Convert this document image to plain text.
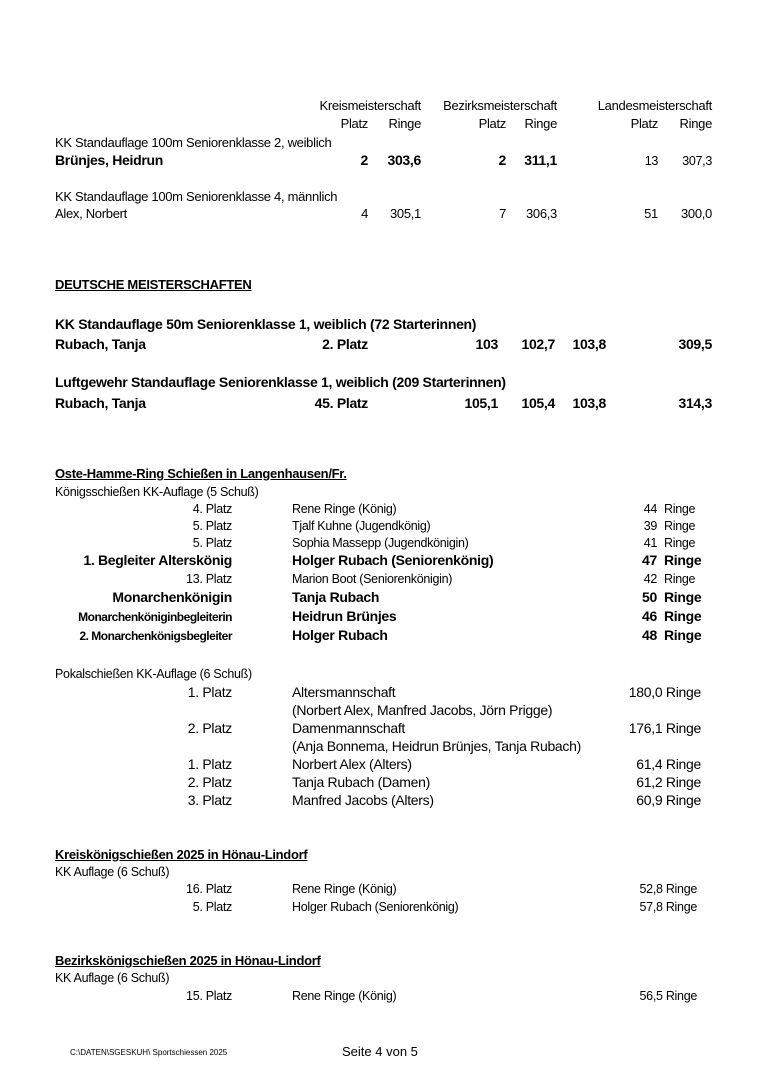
Kreismeisterschaft Bezirksmeisterschaft	Landesmeisterschaft
Platz Ringe	Platz Ringe	Platz Ringe
KK Standauflage 100m Seniorenklasse 2, weiblich
Brünjes, Heidrun	2 303,6	2 311,1	13 307,3
KK Standauflage 100m Seniorenklasse 4, männlich
Alex, Norbert	4 305,1	7 306,3	51 300,0
DEUTSCHE MEISTERSCHAFTEN
KK Standauflage 50m Seniorenklasse 1, weiblich (72 Starterinnen)
Rubach, Tanja	2. Platz	103 102,7 103,8	309,5
Luftgewehr Standauflage Seniorenklasse 1, weiblich (209 Starterinnen)
Rubach, Tanja	45. Platz	105,1 105,4 103,8	314,3
Oste-Hamme-Ring Schießen in Langenhausen/Fr.
Königsschießen KK-Auflage (5 Schuß)
4. Platz	Rene Ringe (König)	44 Ringe
5. Platz	Tjalf Kuhne (Jugendkönig)	39 Ringe
5. Platz	Sophia Massepp (Jugendkönigin)	41 Ringe
1. Begleiter Alterskönig	Holger Rubach (Seniorenkönig)	47 Ringe
13. Platz	Marion Boot (Seniorenkönigin)	42 Ringe
Monarchenkönigin	Tanja Rubach	50 Ringe
Monarchenköniginbegleiterin	Heidrun Brünjes	46 Ringe
2. Monarchenkönigsbegleiter	Holger Rubach	48 Ringe
Pokalschießen KK-Auflage (6 Schuß)
1. Platz	Altersmannschaft	180,0 Ringe
(Norbert Alex, Manfred Jacobs, Jörn Prigge)
2. Platz	Damenmannschaft	176,1 Ringe
(Anja Bonnema, Heidrun Brünjes, Tanja Rubach)
1. Platz	Norbert Alex (Alters)	61,4 Ringe
2. Platz	Tanja Rubach (Damen)	61,2 Ringe
3. Platz	Manfred Jacobs (Alters)	60,9 Ringe
Kreiskönigschießen 2025 in Hönau-Lindorf
KK Auflage (6 Schuß)
16. Platz	Rene Ringe (König)	52,8 Ringe
5. Platz	Holger Rubach (Seniorenkönig)	57,8 Ringe
Bezirkskönigschießen 2025 in Hönau-Lindorf
KK Auflage (6 Schuß)
15. Platz	Rene Ringe (König)	56,5 Ringe
C:\DATEN\SGESKUH\ Sportschiessen 2025	Seite 4 von 5
